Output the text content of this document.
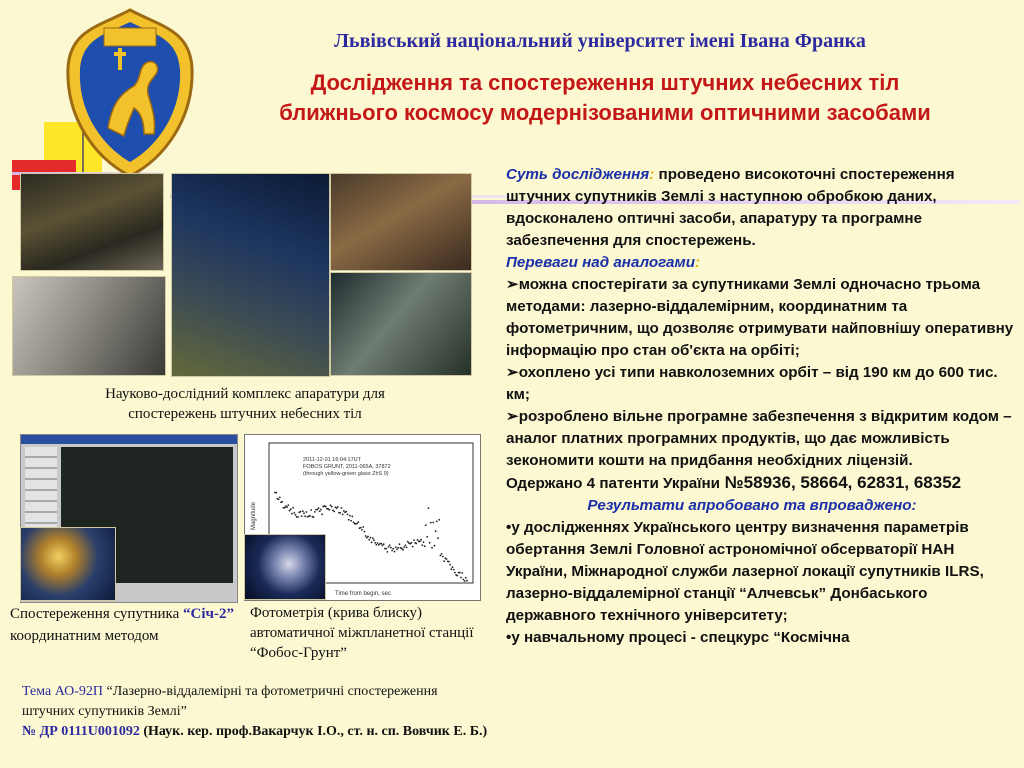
Львівський національний університет імені Івана Франка
Дослідження та спостереження штучних небесних тіл
ближнього космосу модернізованими оптичними засобами
Науково-дослідний комплекс апаратури для спостережень штучних небесних тіл
2011-12-01 16:04:17UT
FOBOS GRUNT, 2011-065A, 37872
(through yellow-green glass ZhS 9)
Time from begin, sec
Magnitude
Спостереження супутника “Січ-2” координатним методом
Фотометрія (крива блиску) автоматичної міжпланетної станції “Фобос-Грунт”
Тема АО-92П “Лазерно-віддалемірні та фотометричні спостереження штучних супутників Землі”
№ ДР 0111U001092 (Наук. кер. проф.Вакарчук І.О., ст. н. сп. Вовчик Е. Б.)

Суть дослідження: проведено високоточні спостереження штучних супутників Землі з наступною обробкою даних, вдосконалено оптичні засоби, апаратуру та програмне забезпечення для спостережень.

Переваги над аналогами:

➢можна спостерігати за супутниками Землі одночасно трьома методами: лазерно-віддалемірним, координатним та фотометричним, що дозволяє отримувати найповнішу оперативну інформацію про стан об'єкта на орбіті;

➢охоплено усі типи навколоземних орбіт – від 190 км до 600 тис. км;

➢розроблено вільне програмне забезпечення з відкритим кодом – аналог платних програмних продуктів, що дає можливість зекономити кошти на придбання необхідних ліцензій.

Одержано 4 патенти України №58936, 58664, 62831, 68352

Результати апробовано та впроваджено:

•у дослідженнях Українського центру визначення параметрів обертання Землі Головної астрономічної обсерваторії НАН України, Міжнародної служби лазерної локації супутників ILRS, лазерно-віддалемірної станції “Алчевськ” Донбаського державного технічного університету;

•у навчальному процесі - спецкурс “Космічна
